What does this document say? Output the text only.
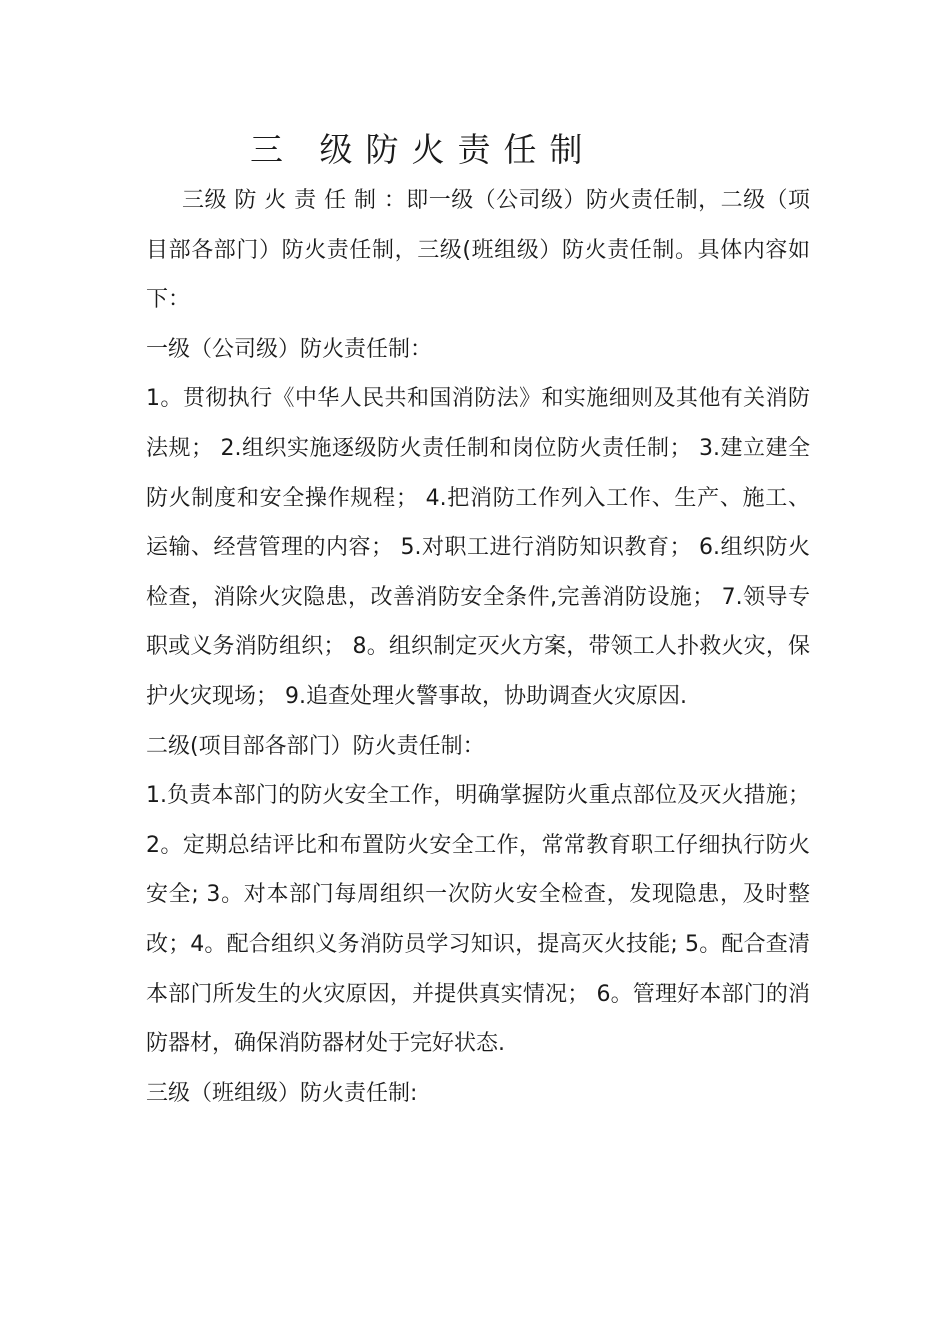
三 级防火责任制

三级 防 火 责 任 制 ：即一级（公司级）防火责任制，二级（项目部各部门）防火责任制，三级(班组级）防火责任制。具体内容如下：

一级（公司级）防火责任制：

1。贯彻执行《中华人民共和国消防法》和实施细则及其他有关消防法规； 2.组织实施逐级防火责任制和岗位防火责任制； 3.建立建全防火制度和安全操作规程； 4.把消防工作列入工作、生产、施工、运输、经营管理的内容； 5.对职工进行消防知识教育； 6.组织防火检查，消除火灾隐患，改善消防安全条件,完善消防设施； 7.领导专职或义务消防组织； 8。组织制定灭火方案，带领工人扑救火灾，保护火灾现场； 9.追查处理火警事故，协助调查火灾原因.

二级(项目部各部门）防火责任制：

1.负责本部门的防火安全工作，明确掌握防火重点部位及灭火措施； 2。定期总结评比和布置防火安全工作，常常教育职工仔细执行防火安全; 3。对本部门每周组织一次防火安全检查，发现隐患，及时整改；4。配合组织义务消防员学习知识，提高灭火技能; 5。配合查清本部门所发生的火灾原因，并提供真实情况； 6。管理好本部门的消防器材，确保消防器材处于完好状态.

三级（班组级）防火责任制:
